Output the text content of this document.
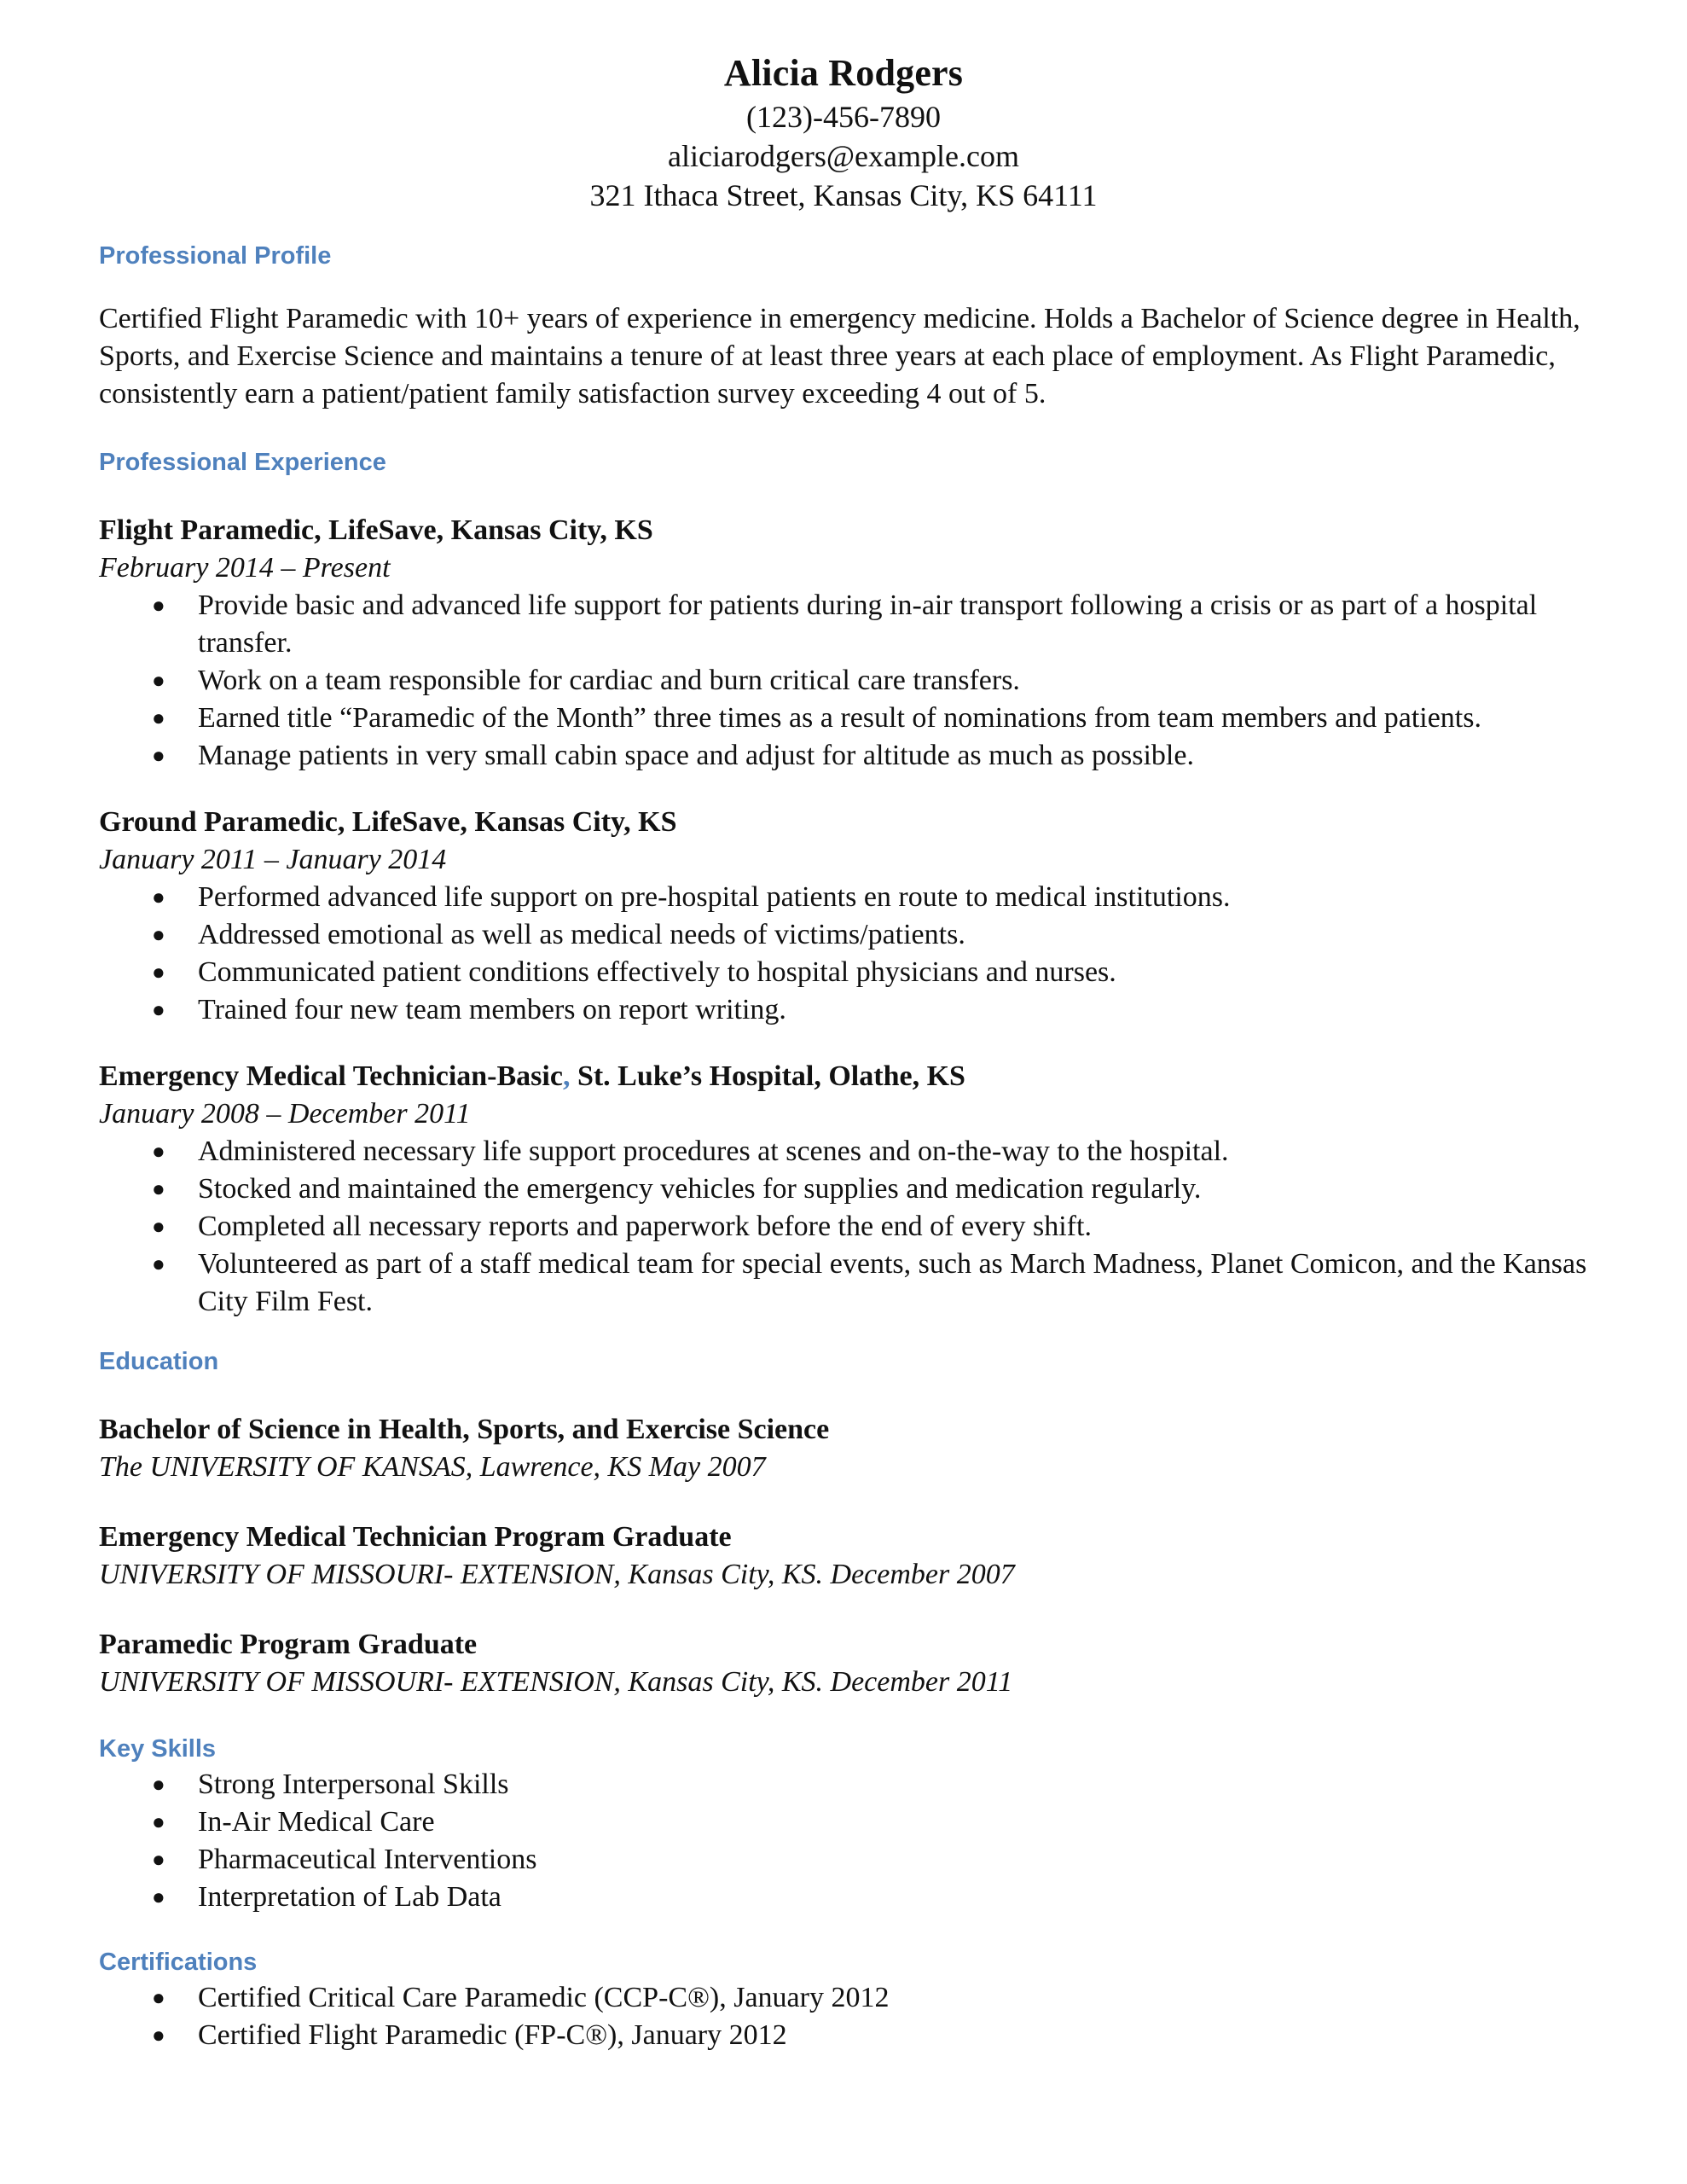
Alicia Rodgers
(123)-456-7890
aliciarodgers@example.com
321 Ithaca Street, Kansas City, KS 64111
Professional Profile

Certified Flight Paramedic with 10+ years of experience in emergency medicine. Holds a Bachelor of Science degree in Health, Sports, and Exercise Science and maintains a tenure of at least three years at each place of employment. As Flight Paramedic, consistently earn a patient/patient family satisfaction survey exceeding 4 out of 5.

Professional Experience

Flight Paramedic, LifeSave, Kansas City, KS

February 2014 – Present

● Provide basic and advanced life support for patients during in-air transport following a crisis or as part of a hospital transfer.
● Work on a team responsible for cardiac and burn critical care transfers.
● Earned title “Paramedic of the Month” three times as a result of nominations from team members and patients.
● Manage patients in very small cabin space and adjust for altitude as much as possible.

Ground Paramedic, LifeSave, Kansas City, KS

January 2011 – January 2014

● Performed advanced life support on pre-hospital patients en route to medical institutions.
● Addressed emotional as well as medical needs of victims/patients.
● Communicated patient conditions effectively to hospital physicians and nurses.
● Trained four new team members on report writing.

Emergency Medical Technician-Basic, St. Luke’s Hospital, Olathe, KS

January 2008 – December 2011

● Administered necessary life support procedures at scenes and on-the-way to the hospital.
● Stocked and maintained the emergency vehicles for supplies and medication regularly.
● Completed all necessary reports and paperwork before the end of every shift.
● Volunteered as part of a staff medical team for special events, such as March Madness, Planet Comicon, and the Kansas City Film Fest.
Education

Bachelor of Science in Health, Sports, and Exercise Science

The UNIVERSITY OF KANSAS, Lawrence, KS May 2007

Emergency Medical Technician Program Graduate

UNIVERSITY OF MISSOURI- EXTENSION, Kansas City, KS. December 2007

Paramedic Program Graduate

UNIVERSITY OF MISSOURI- EXTENSION, Kansas City, KS. December 2011

Key Skills
● Strong Interpersonal Skills
● In-Air Medical Care
● Pharmaceutical Interventions
● Interpretation of Lab Data
Certifications
● Certified Critical Care Paramedic (CCP-C®), January 2012
● Certified Flight Paramedic (FP-C®), January 2012
